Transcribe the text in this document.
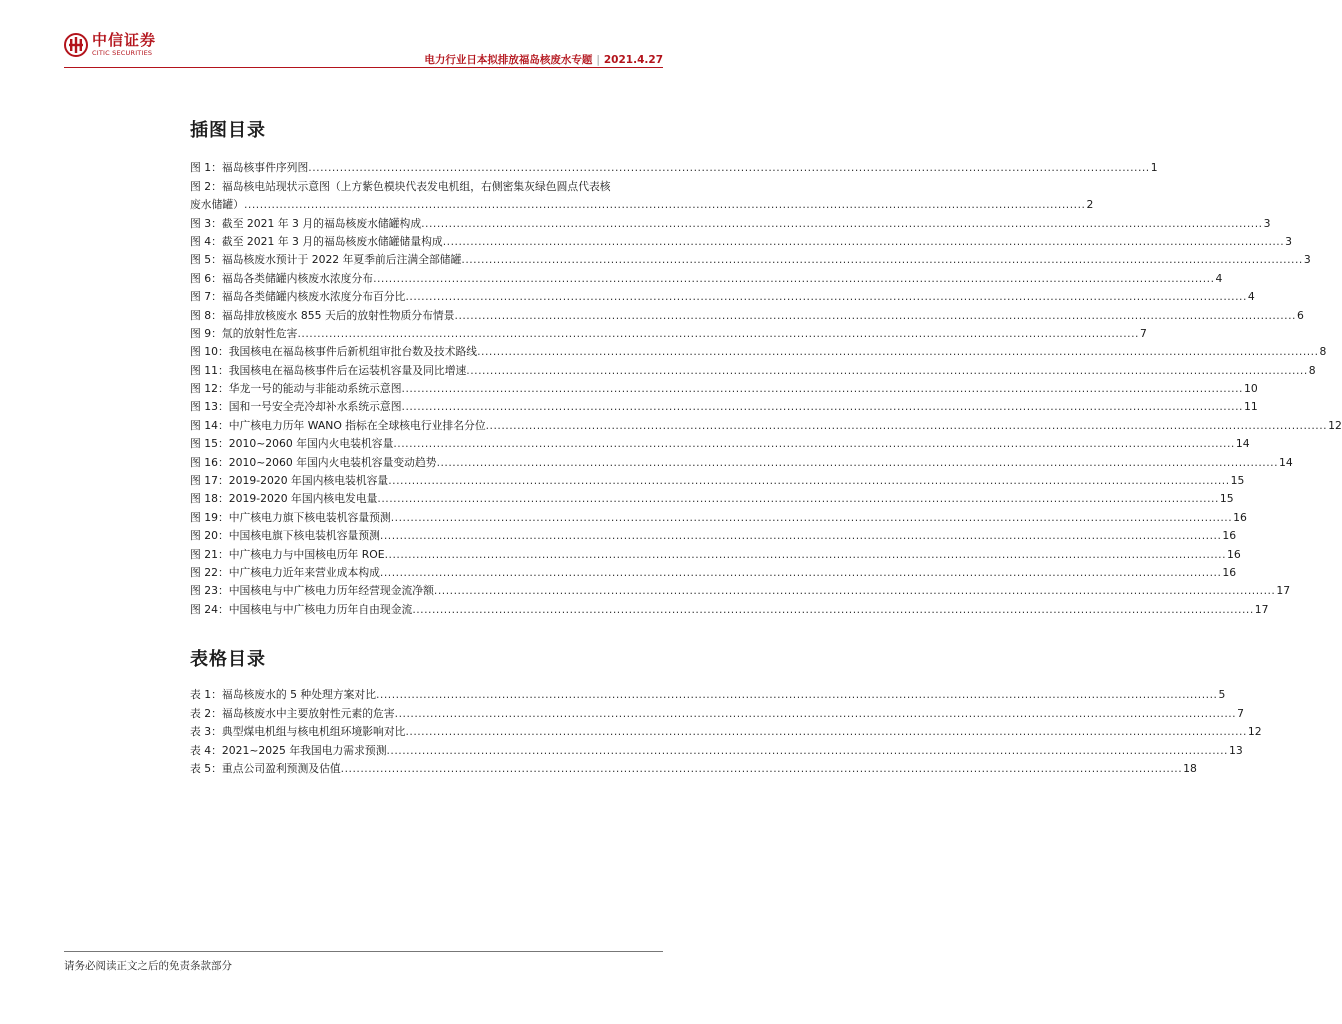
中信证券
CITIC SECURITIES
电力行业日本拟排放福岛核废水专题 | 2021.4.27
插图目录
图 1：福岛核事件序列图 .....	1
图 2：福岛核电站现状示意图（上方紫色模块代表发电机组，右侧密集灰绿色圆点代表核
废水储罐） .....	2
图 3：截至 2021 年 3 月的福岛核废水储罐构成 .....	3
图 4：截至 2021 年 3 月的福岛核废水储罐储量构成 .....	3
图 5：福岛核废水预计于 2022 年夏季前后注满全部储罐 .....	3
图 6：福岛各类储罐内核废水浓度分布 .....	4
图 7：福岛各类储罐内核废水浓度分布百分比 .....	4
图 8：福岛排放核废水 855 天后的放射性物质分布情景 .....	6
图 9：氚的放射性危害 .....	7
图 10：我国核电在福岛核事件后新机组审批台数及技术路线 .....	8
图 11：我国核电在福岛核事件后在运装机容量及同比增速 .....	8
图 12：华龙一号的能动与非能动系统示意图 .....	10
图 13：国和一号安全壳冷却补水系统示意图 .....	11
图 14：中广核电力历年 WANO 指标在全球核电行业排名分位 .....	12
图 15：2010~2060 年国内火电装机容量 .....	14
图 16：2010~2060 年国内火电装机容量变动趋势 .....	14
图 17：2019-2020 年国内核电装机容量 .....	15
图 18：2019-2020 年国内核电发电量 .....	15
图 19：中广核电力旗下核电装机容量预测 .....	16
图 20：中国核电旗下核电装机容量预测 .....	16
图 21：中广核电力与中国核电历年 ROE .....	16
图 22：中广核电力近年来营业成本构成 .....	16
图 23：中国核电与中广核电力历年经营现金流净额 .....	17
图 24：中国核电与中广核电力历年自由现金流 .....	17
表格目录
表 1：福岛核废水的 5 种处理方案对比 .....	5
表 2：福岛核废水中主要放射性元素的危害 .....	7
表 3：典型煤电机组与核电机组环境影响对比 .....	12
表 4：2021~2025 年我国电力需求预测 .....	13
表 5：重点公司盈利预测及估值 .....	18
请务必阅读正文之后的免责条款部分
